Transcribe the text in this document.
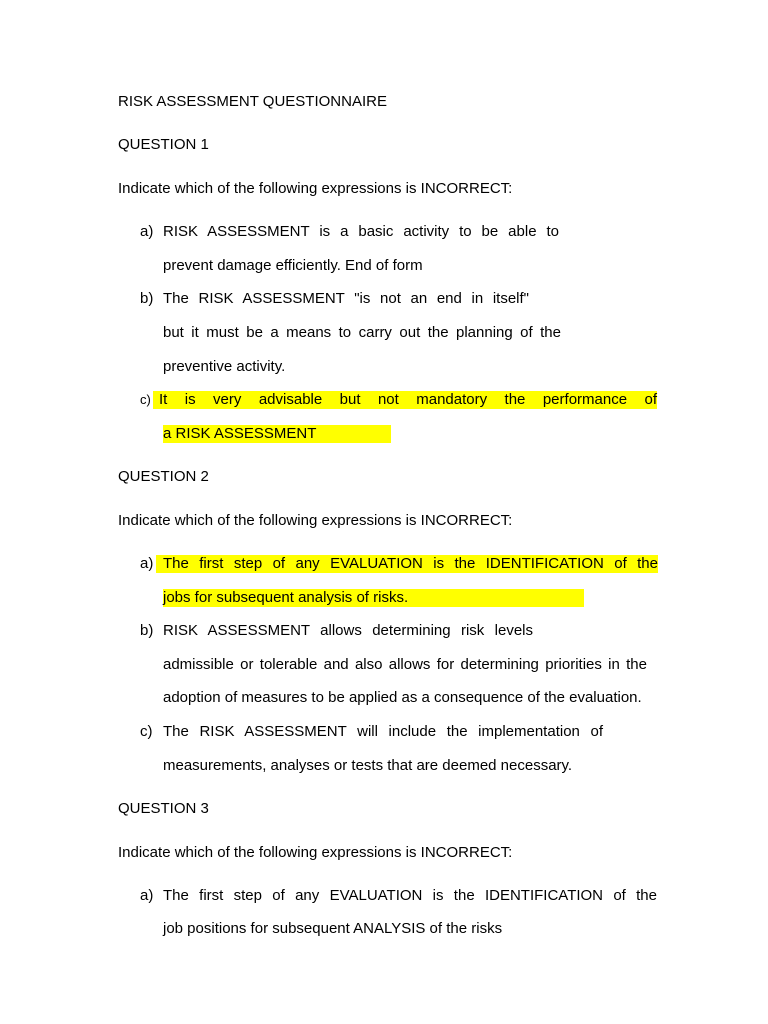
RISK ASSESSMENT QUESTIONNAIRE
QUESTION 1
Indicate which of the following expressions is INCORRECT:
a) RISK ASSESSMENT is a basic activity to be able to
prevent damage efficiently. End of form
b) The RISK ASSESSMENT "is not an end in itself"
but it must be a means to carry out the planning of the
preventive activity.
c) It is very advisable but not mandatory the performance of
a RISK ASSESSMENT
QUESTION 2
Indicate which of the following expressions is INCORRECT:
a) The first step of any EVALUATION is the IDENTIFICATION of the
jobs for subsequent analysis of risks.
b) RISK ASSESSMENT allows determining risk levels
admissible or tolerable and also allows for determining priorities in the
adoption of measures to be applied as a consequence of the evaluation.
c) The RISK ASSESSMENT will include the implementation of
measurements, analyses or tests that are deemed necessary.
QUESTION 3
Indicate which of the following expressions is INCORRECT:
a) The first step of any EVALUATION is the IDENTIFICATION of the
job positions for subsequent ANALYSIS of the risks
